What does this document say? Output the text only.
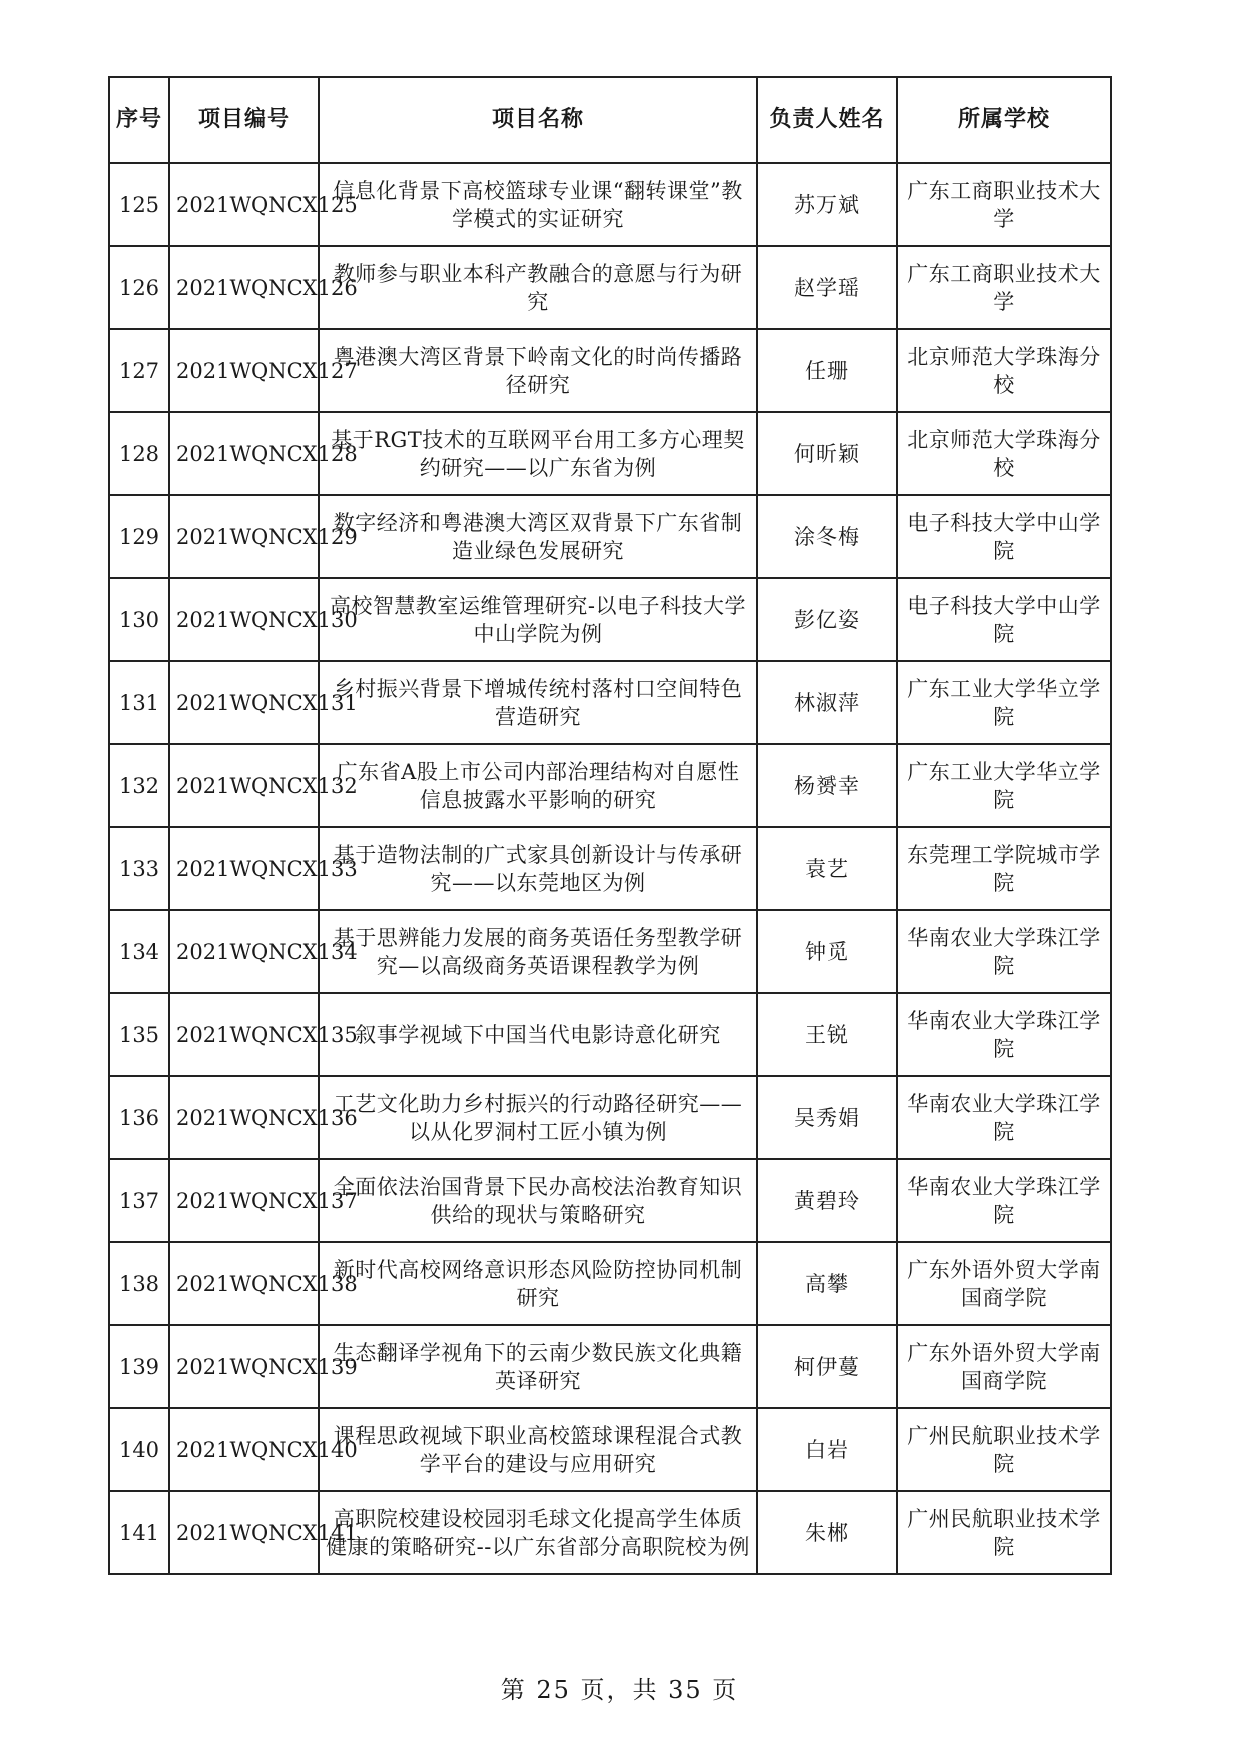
序号	项目编号	项目名称	负责人姓名	所属学校
125	2021WQNCX125	信息化背景下高校篮球专业课“翻转课堂”教学模式的实证研究	苏万斌	广东工商职业技术大学
126	2021WQNCX126	教师参与职业本科产教融合的意愿与行为研究	赵学瑶	广东工商职业技术大学
127	2021WQNCX127	粤港澳大湾区背景下岭南文化的时尚传播路径研究	任珊	北京师范大学珠海分校
128	2021WQNCX128	基于RGT技术的互联网平台用工多方心理契约研究——以广东省为例	何昕颖	北京师范大学珠海分校
129	2021WQNCX129	数字经济和粤港澳大湾区双背景下广东省制造业绿色发展研究	涂冬梅	电子科技大学中山学院
130	2021WQNCX130	高校智慧教室运维管理研究-以电子科技大学中山学院为例	彭亿姿	电子科技大学中山学院
131	2021WQNCX131	乡村振兴背景下增城传统村落村口空间特色营造研究	林淑萍	广东工业大学华立学院
132	2021WQNCX132	广东省A股上市公司内部治理结构对自愿性信息披露水平影响的研究	杨赟幸	广东工业大学华立学院
133	2021WQNCX133	基于造物法制的广式家具创新设计与传承研究——以东莞地区为例	袁艺	东莞理工学院城市学院
134	2021WQNCX134	基于思辨能力发展的商务英语任务型教学研究—以高级商务英语课程教学为例	钟觅	华南农业大学珠江学院
135	2021WQNCX135	叙事学视域下中国当代电影诗意化研究	王锐	华南农业大学珠江学院
136	2021WQNCX136	工艺文化助力乡村振兴的行动路径研究——以从化罗洞村工匠小镇为例	吴秀娟	华南农业大学珠江学院
137	2021WQNCX137	全面依法治国背景下民办高校法治教育知识供给的现状与策略研究	黄碧玲	华南农业大学珠江学院
138	2021WQNCX138	新时代高校网络意识形态风险防控协同机制研究	高攀	广东外语外贸大学南国商学院
139	2021WQNCX139	生态翻译学视角下的云南少数民族文化典籍英译研究	柯伊蔓	广东外语外贸大学南国商学院
140	2021WQNCX140	课程思政视域下职业高校篮球课程混合式教学平台的建设与应用研究	白岩	广州民航职业技术学院
141	2021WQNCX141	高职院校建设校园羽毛球文化提高学生体质健康的策略研究--以广东省部分高职院校为例	朱郴	广州民航职业技术学院
第 25 页，共 35 页
